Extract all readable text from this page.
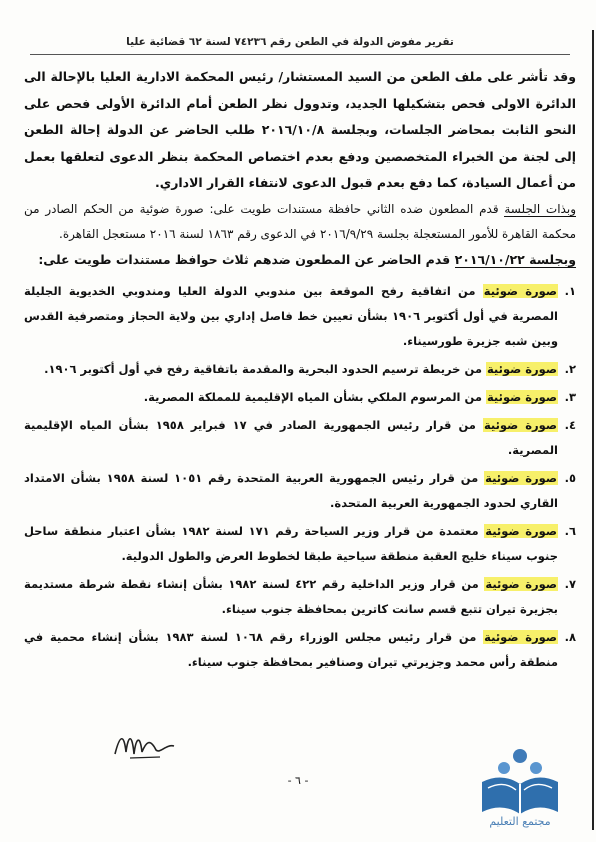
تقرير مفوض الدولة في الطعن رقم ٧٤٢٣٦ لسنة ٦٢ قضائية عليا

وقد تأشر على ملف الطعن من السيد المستشار/ رئيس المحكمة الادارية العليا بالإحالة الى الدائرة الاولى فحص بتشكيلها الجديد، وتدوول نظر الطعن أمام الدائرة الأولى فحص على النحو الثابت بمحاضر الجلسات، وبجلسة ٢٠١٦/١٠/٨ طلب الحاضر عن الدولة إحالة الطعن إلى لجنة من الخبراء المتخصصين ودفع بعدم اختصاص المحكمة بنظر الدعوى لتعلقها بعمل من أعمال السيادة، كما دفع بعدم قبول الدعوى لانتفاء القرار الاداري.

وبذات الجلسة قدم المطعون ضده الثاني حافظة مستندات طويت على: صورة ضوئية من الحكم الصادر من محكمة القاهرة للأمور المستعجلة بجلسة ٢٠١٦/٩/٢٩ في الدعوى رقم ١٨٦٣ لسنة ٢٠١٦ مستعجل القاهرة.

وبجلسة ٢٠١٦/١٠/٢٢ قدم الحاضر عن المطعون ضدهم ثلاث حوافظ مستندات طويت على:

١.
صورة ضوئية من اتفاقية رفح الموقعة بين مندوبي الدولة العليا ومندوبي الخديوية الجليلة المصرية في أول أكتوبر ١٩٠٦ بشأن تعيين خط فاصل إداري بين ولاية الحجاز ومتصرفية القدس وبين شبه جزيرة طورسيناء.
٢.
صورة ضوئية من خريطة ترسيم الحدود البحرية والمقدمة باتفاقية رفح في أول أكتوبر ١٩٠٦.
٣.
صورة ضوئية من المرسوم الملكي بشأن المياه الإقليمية للمملكة المصرية.
٤.
صورة ضوئية من قرار رئيس الجمهورية الصادر في ١٧ فبراير ١٩٥٨ بشأن المياه الإقليمية المصرية.
٥.
صورة ضوئية من قرار رئيس الجمهورية العربية المتحدة رقم ١٠٥١ لسنة ١٩٥٨ بشأن الامتداد القاري لحدود الجمهورية العربية المتحدة.
٦.
صورة ضوئية معتمدة من قرار وزير السياحة رقم ١٧١ لسنة ١٩٨٢ بشأن اعتبار منطقة ساحل جنوب سيناء خليج العقبة منطقة سياحية طبقا لخطوط العرض والطول الدولية.
٧.
صورة ضوئية من قرار وزير الداخلية رقم ٤٢٢ لسنة ١٩٨٢ بشأن إنشاء نقطة شرطة مستديمة بجزيرة تيران تتبع قسم سانت كاترين بمحافظة جنوب سيناء.
٨.
صورة ضوئية من قرار رئيس مجلس الوزراء رقم ١٠٦٨ لسنة ١٩٨٣ بشأن إنشاء محمية في منطقة رأس محمد وجزيرتي تيران وصنافير بمحافظة جنوب سيناء.
- ٦ -
مجتمع التعليم
